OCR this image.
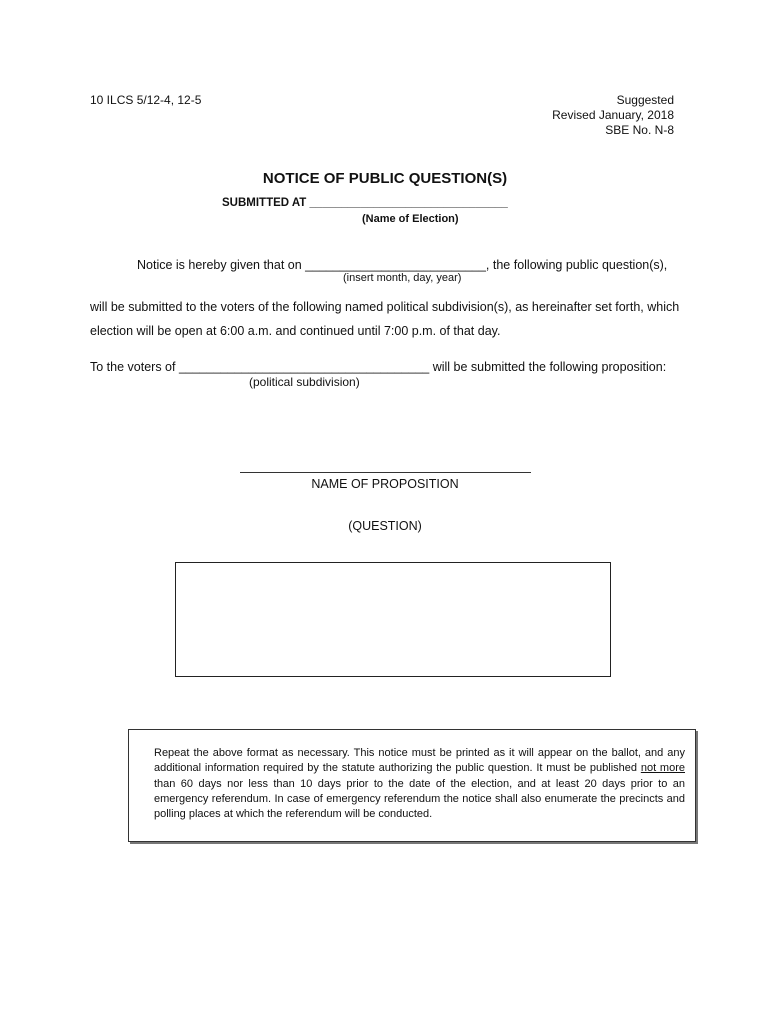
10 ILCS 5/12-4, 12-5	Suggested
Revised January, 2018
SBE No. N-8
NOTICE OF PUBLIC QUESTION(S)
SUBMITTED AT _______________________________
(Name of Election)
Notice is hereby given that on __________________________, the following public question(s),
(insert month, day, year)
will be submitted to the voters of the following named political subdivision(s), as hereinafter set forth, which
election will be open at 6:00 a.m. and continued until 7:00 p.m. of that day.
To the voters of ____________________________________ will be submitted the following proposition:
(political subdivision)
NAME OF PROPOSITION
(QUESTION)
Repeat the above format as necessary. This notice must be printed as it will appear on the ballot, and any additional information required by the statute authorizing the public question. It must be published not more than 60 days nor less than 10 days prior to the date of the election, and at least 20 days prior to an emergency referendum. In case of emergency referendum the notice shall also enumerate the precincts and polling places at which the referendum will be conducted.
